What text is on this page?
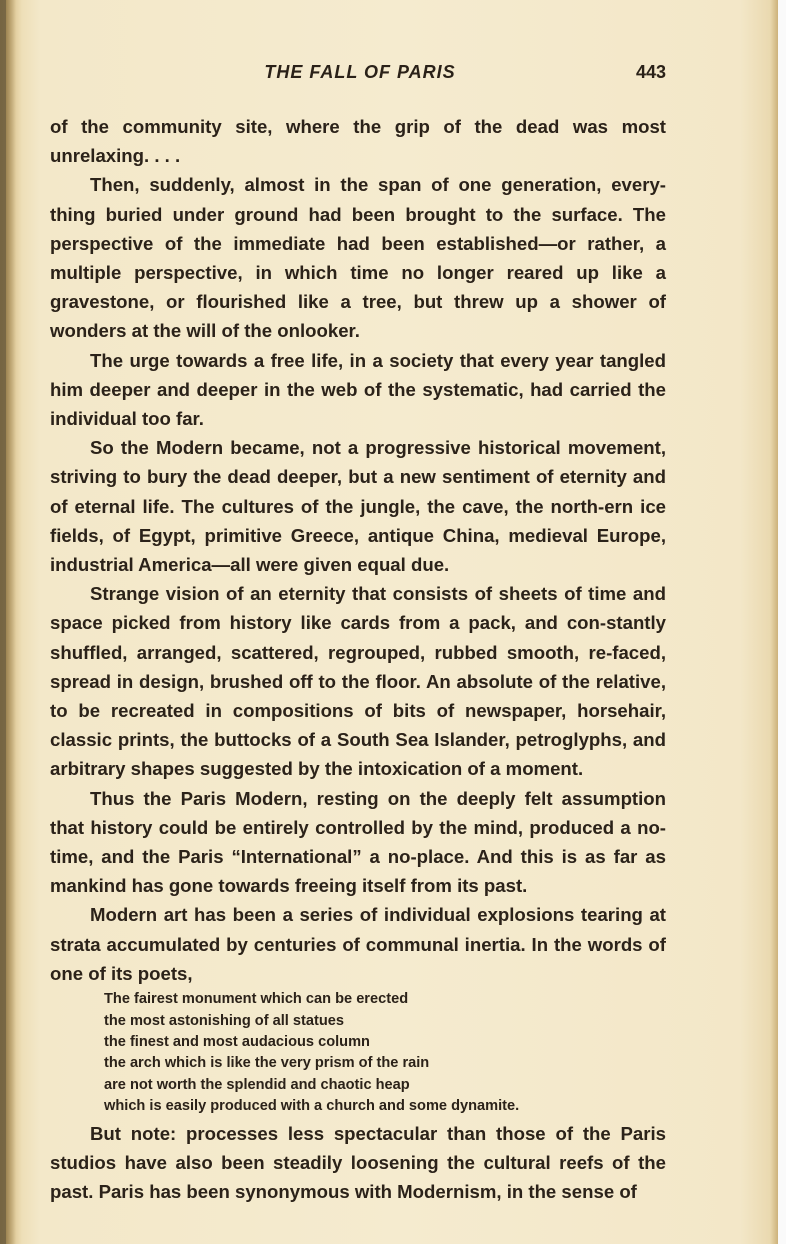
THE FALL OF PARIS	443

of the community site, where the grip of the dead was most unrelaxing. . . .

Then, suddenly, almost in the span of one generation, every-thing buried under ground had been brought to the surface. The perspective of the immediate had been established—or rather, a multiple perspective, in which time no longer reared up like a gravestone, or flourished like a tree, but threw up a shower of wonders at the will of the onlooker.

The urge towards a free life, in a society that every year tangled him deeper and deeper in the web of the systematic, had carried the individual too far.

So the Modern became, not a progressive historical movement, striving to bury the dead deeper, but a new sentiment of eternity and of eternal life. The cultures of the jungle, the cave, the north-ern ice fields, of Egypt, primitive Greece, antique China, medieval Europe, industrial America—all were given equal due.

Strange vision of an eternity that consists of sheets of time and space picked from history like cards from a pack, and con-stantly shuffled, arranged, scattered, regrouped, rubbed smooth, re-faced, spread in design, brushed off to the floor. An absolute of the relative, to be recreated in compositions of bits of newspaper, horsehair, classic prints, the buttocks of a South Sea Islander, petroglyphs, and arbitrary shapes suggested by the intoxication of a moment.

Thus the Paris Modern, resting on the deeply felt assumption that history could be entirely controlled by the mind, produced a no-time, and the Paris “International” a no-place. And this is as far as mankind has gone towards freeing itself from its past.

Modern art has been a series of individual explosions tearing at strata accumulated by centuries of communal inertia. In the words of one of its poets,

The fairest monument which can be erected
the most astonishing of all statues
the finest and most audacious column
the arch which is like the very prism of the rain
are not worth the splendid and chaotic heap
which is easily produced with a church and some dynamite.

But note: processes less spectacular than those of the Paris studios have also been steadily loosening the cultural reefs of the past. Paris has been synonymous with Modernism, in the sense of
